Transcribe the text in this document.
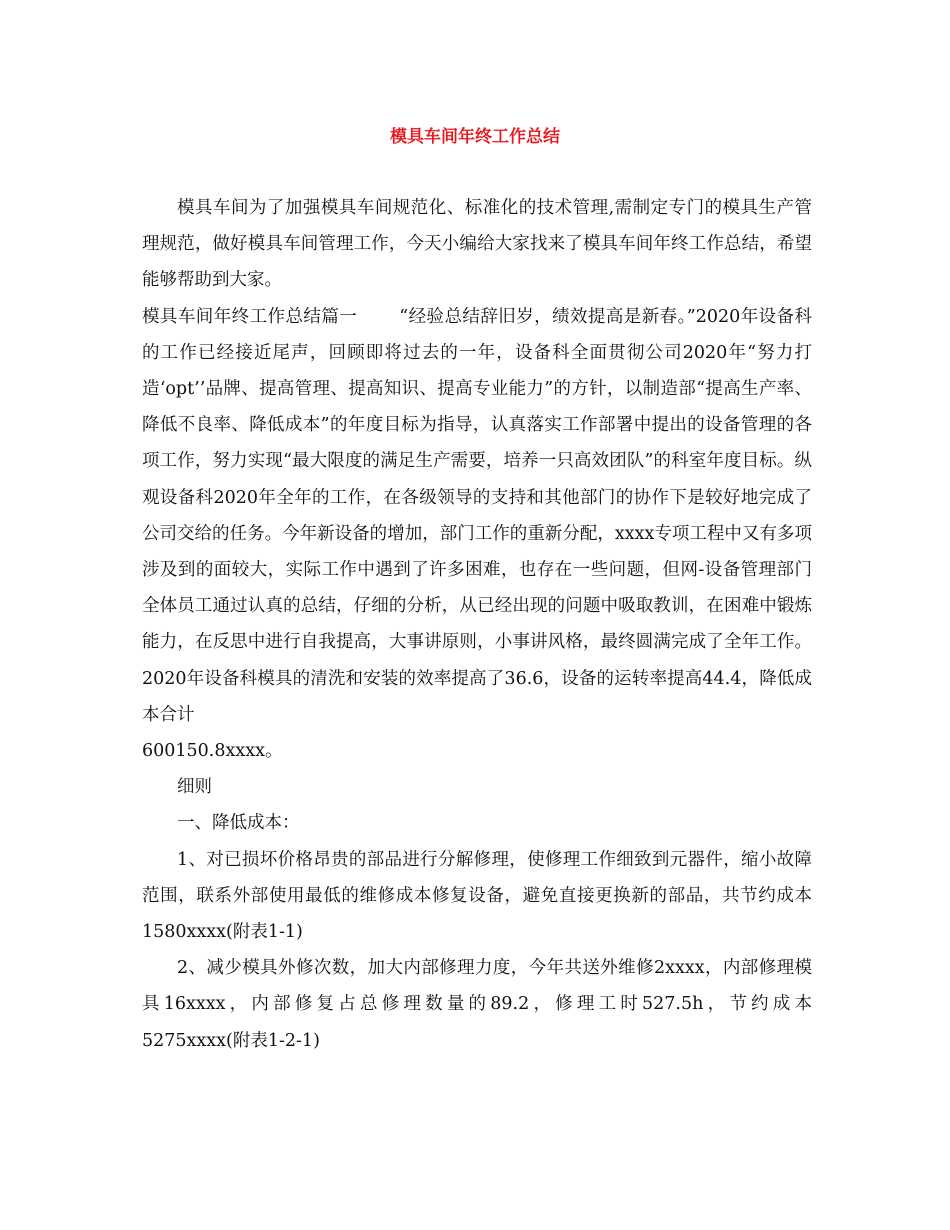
模具车间年终工作总结

模具车间为了加强模具车间规范化、标准化的技术管理,需制定专门的模具生产管理规范，做好模具车间管理工作，今天小编给大家找来了模具车间年终工作总结，希望能够帮助到大家。

模具车间年终工作总结篇一 “经验总结辞旧岁，绩效提高是新春。”2020年设备科的工作已经接近尾声，回顾即将过去的一年，设备科全面贯彻公司2020年“努力打造‘opt’’品牌、提高管理、提高知识、提高专业能力”的方针，以制造部“提高生产率、降低不良率、降低成本”的年度目标为指导，认真落实工作部署中提出的设备管理的各项工作，努力实现“最大限度的满足生产需要，培养一只高效团队”的科室年度目标。纵观设备科2020年全年的工作，在各级领导的支持和其他部门的协作下是较好地完成了公司交给的任务。今年新设备的增加，部门工作的重新分配，xxxx专项工程中又有多项涉及到的面较大，实际工作中遇到了许多困难，也存在一些问题，但网-设备管理部门全体员工通过认真的总结，仔细的分析，从已经出现的问题中吸取教训，在困难中锻炼能力，在反思中进行自我提高，大事讲原则，小事讲风格，最终圆满完成了全年工作。2020年设备科模具的清洗和安装的效率提高了36.6，设备的运转率提高44.4，降低成本合计

600150.8xxxx。

细则

一、降低成本：

1、对已损坏价格昂贵的部品进行分解修理，使修理工作细致到元器件，缩小故障范围，联系外部使用最低的维修成本修复设备，避免直接更换新的部品，共节约成本1580xxxx(附表1-1)

2、减少模具外修次数，加大内部修理力度，今年共送外维修2xxxx，内部修理模具16xxxx，内部修复占总修理数量的89.2，修理工时527.5h，节约成本5275xxxx(附表1-2-1)
